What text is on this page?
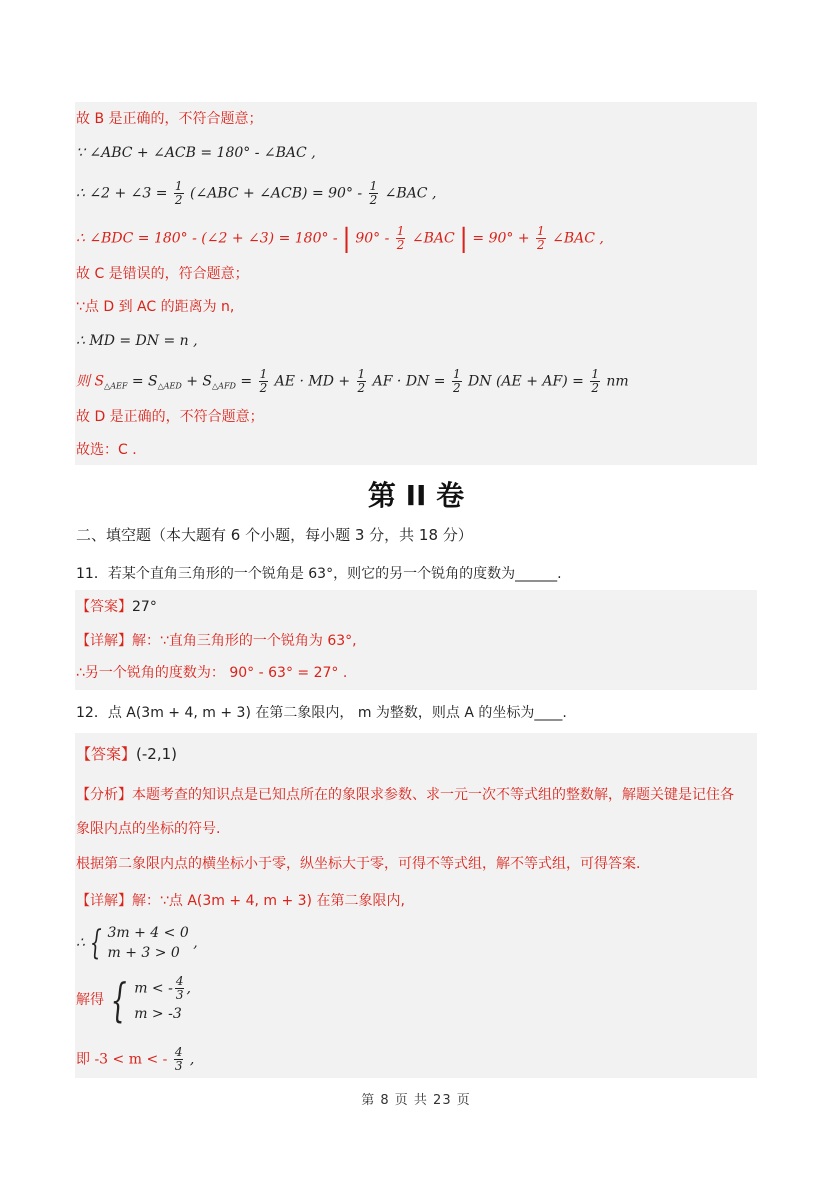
故 B 是正确的，不符合题意；
∵ ∠ABC + ∠ACB = 180° - ∠BAC ,
∴ ∠2 + ∠3 = $\frac{1}{2}$ (∠ABC + ∠ACB) = $90^\circ - \frac{1}{2}$ ∠BAC ,
∴ ∠BDC = 180° - (∠2 + ∠3) = 180° - | $90^\circ - \frac{1}{2}$ ∠BAC | = $90^\circ + \frac{1}{2}$ ∠BAC ,
故 C 是错误的，符合题意；
∵点 D 到 AC 的距离为 n,
∴ MD = DN = n ,
则 $S_{\triangle AEF} = S_{\triangle AED} + S_{\triangle AFD} = \frac{1}{2}$ AE · MD + $\frac{1}{2}$ AF · DN = $\frac{1}{2}$ DN $(AE + AF) = \frac{1}{2}$ nm
故 D 是正确的，不符合题意；
故选：C .
第 II 卷
二、填空题（本大题有 6 个小题，每小题 3 分，共 18 分）
11．若某个直角三角形的一个锐角是 63°，则它的另一个锐角的度数为______.
【答案】27°
【详解】解：∵直角三角形的一个锐角为 63°,
∴另一个锐角的度数为： 90° - 63° = 27° .
12．点 A(3m + 4, m + 3) 在第二象限内， m 为整数，则点 A 的坐标为____.
【答案】(-2,1)
【分析】本题考查的知识点是已知点所在的象限求参数、求一元一次不等式组的整数解，解题关键是记住各
象限内点的坐标的符号.
根据第二象限内点的横坐标小于零，纵坐标大于零，可得不等式组，解不等式组，可得答案.
【详解】解：∵点 A(3m + 4, m + 3) 在第二象限内,
∴ { 3m + 4 < 0
m + 3 > 0
,
解得 { m < - $\frac{4}{3}$ ,
m > -3
即 -3 < m < - $\frac{4}{3}$ ,
第 8 页 共 23 页
